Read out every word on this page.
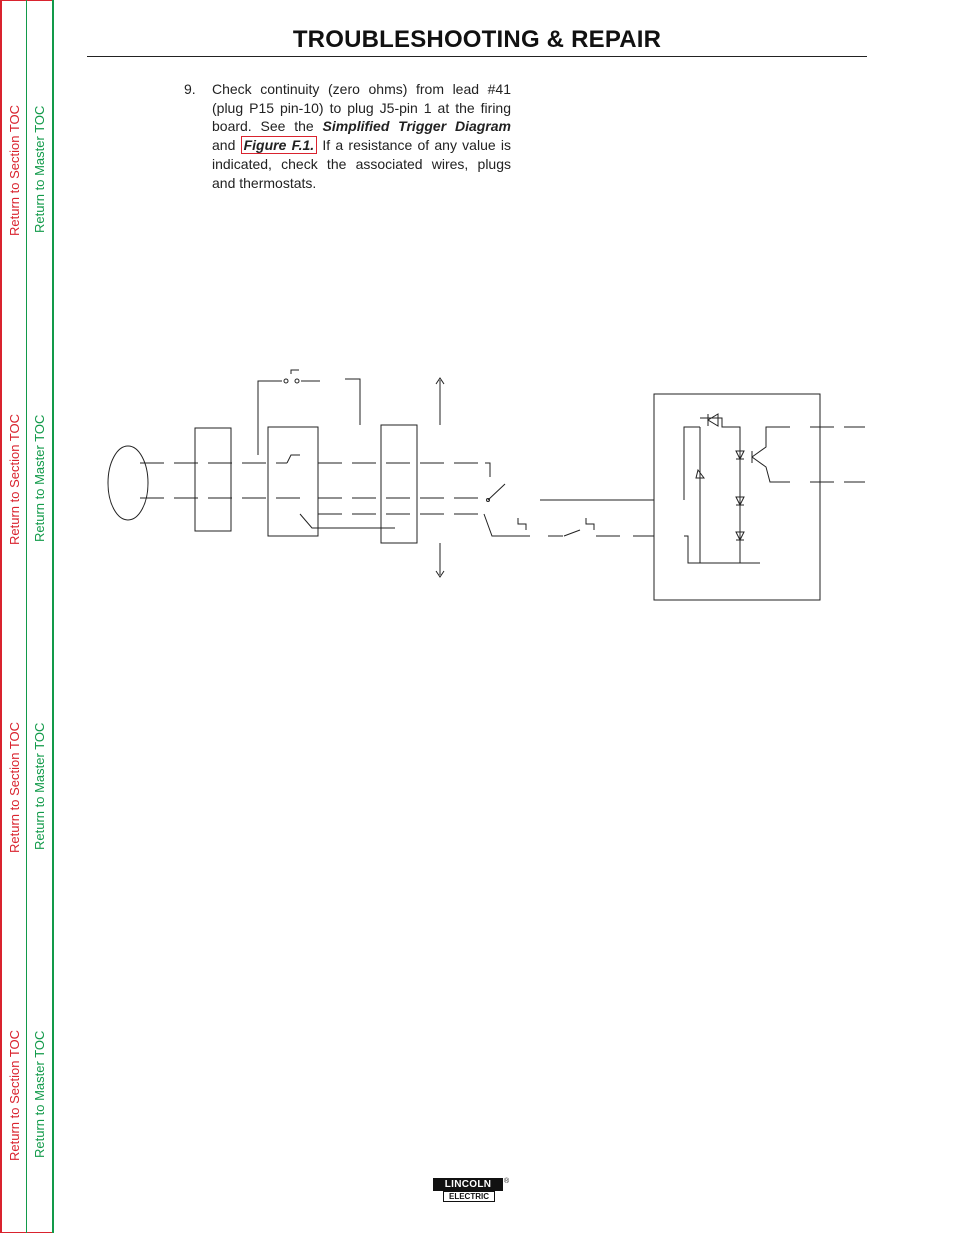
Return to Section TOC Return to Master TOC
Return to Section TOC Return to Master TOC
Return to Section TOC Return to Master TOC
Return to Section TOC Return to Master TOC
TROUBLESHOOTING & REPAIR
9. Check continuity (zero ohms) from lead #41 (plug P15 pin-10) to plug J5-pin 1 at the firing board. See the Simplified Trigger Diagram and Figure F.1. If a resistance of any value is indicated, check the associated wires, plugs and thermostats.
LINCOLN
ELECTRIC
®
